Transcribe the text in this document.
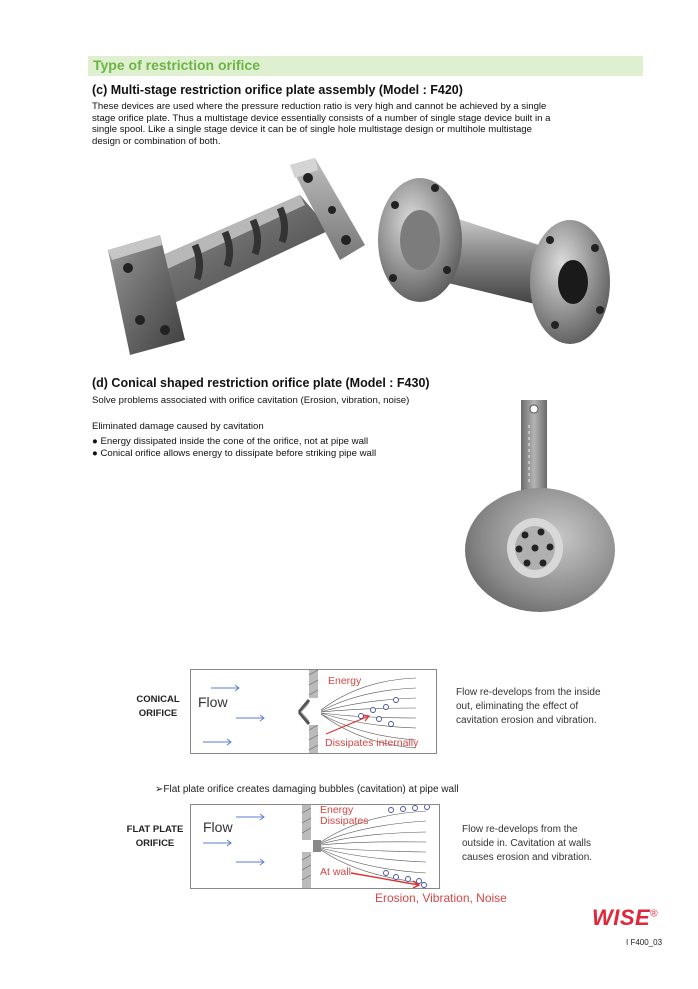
Type of restriction orifice
(c) Multi-stage restriction orifice plate assembly (Model : F420)
These devices are used where the pressure reduction ratio is very high and cannot be achieved by a single
stage orifice plate. Thus a multistage device essentially consists of a number of single stage device built in a
single spool. Like a single stage device it can be of single hole multistage design or multihole multistage
design or combination of both.
(d) Conical shaped restriction orifice plate (Model : F430)
Solve problems associated with orifice cavitation (Erosion, vibration, noise)
Eliminated damage caused by cavitation
● Energy dissipated inside the cone of the orifice, not at pipe wall
● Conical orifice allows energy to dissipate before striking pipe wall
CONICAL
ORIFICE
Flow
Energy
Dissipates internally
Flow re-develops from the inside
out, eliminating the effect of
cavitation erosion and vibration.
➢Flat plate orifice creates damaging bubbles (cavitation) at pipe wall
FLAT PLATE
ORIFICE
Flow
Energy
Dissipates
At wall
Flow re-develops from the
outside in. Cavitation at walls
causes erosion and vibration.
Erosion, Vibration, Noise
WISE®
I F400_03
